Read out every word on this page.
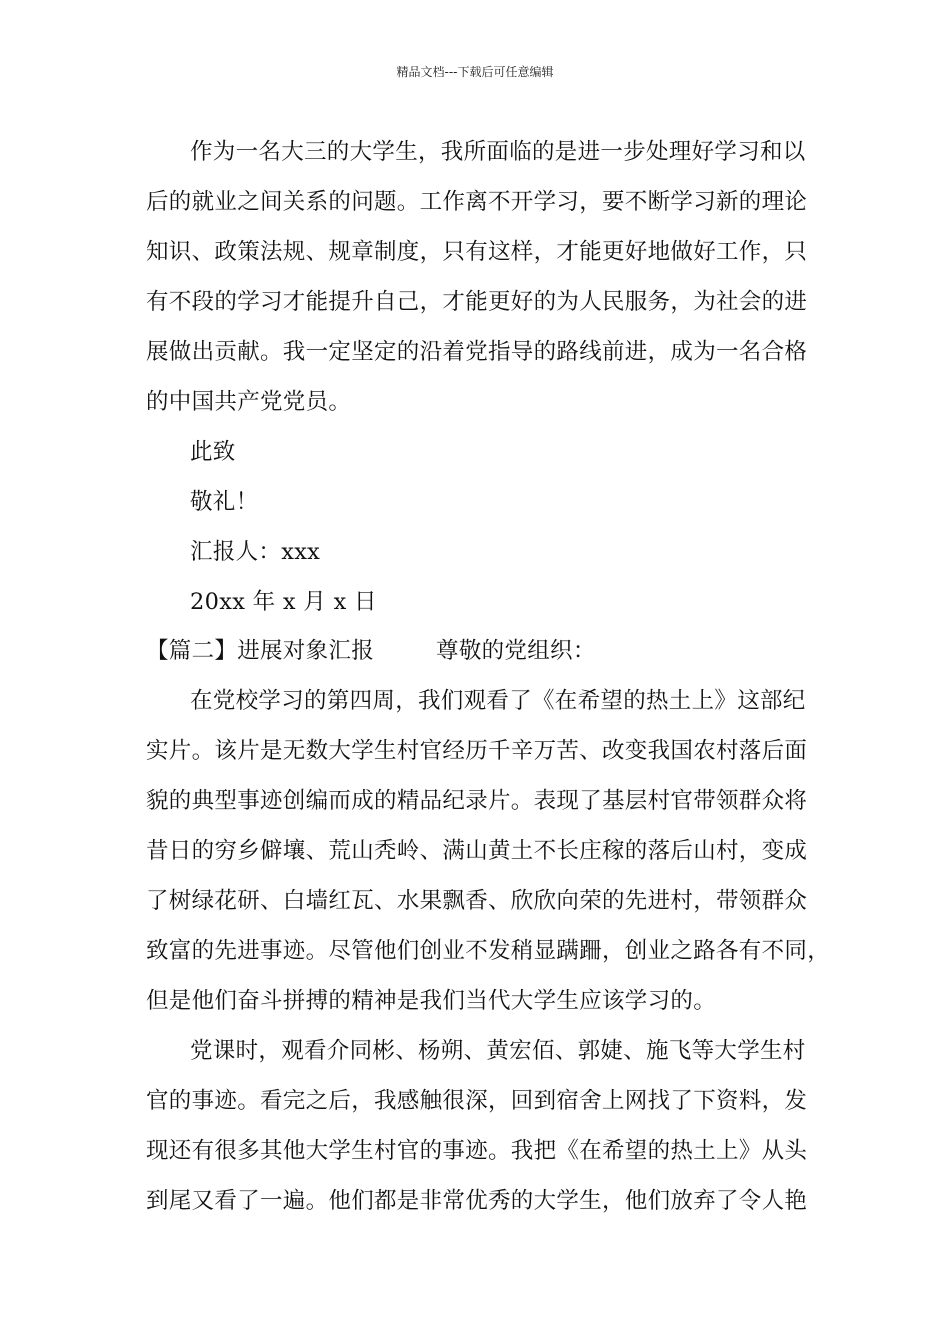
精品文档---下载后可任意编辑
作为一名大三的大学生，我所面临的是进一步处理好学习和以
后的就业之间关系的问题。工作离不开学习，要不断学习新的理论
知识、政策法规、规章制度，只有这样，才能更好地做好工作，只
有不段的学习才能提升自己，才能更好的为人民服务，为社会的进
展做出贡献。我一定坚定的沿着党指导的路线前进，成为一名合格
的中国共产党党员。
此致
敬礼！
汇报人：xxx
20xx 年 x 月 x 日
【篇二】进展对象汇报	尊敬的党组织：
在党校学习的第四周，我们观看了《在希望的热土上》这部纪
实片。该片是无数大学生村官经历千辛万苦、改变我国农村落后面
貌的典型事迹创编而成的精品纪录片。表现了基层村官带领群众将
昔日的穷乡僻壤、荒山秃岭、满山黄土不长庄稼的落后山村，变成
了树绿花研、白墙红瓦、水果飘香、欣欣向荣的先进村，带领群众
致富的先进事迹。尽管他们创业不发稍显蹒跚，创业之路各有不同，
但是他们奋斗拼搏的精神是我们当代大学生应该学习的。
党课时，观看介同彬、杨朔、黄宏佰、郭婕、施飞等大学生村
官的事迹。看完之后，我感触很深，回到宿舍上网找了下资料，发
现还有很多其他大学生村官的事迹。我把《在希望的热土上》从头
到尾又看了一遍。他们都是非常优秀的大学生，他们放弃了令人艳
